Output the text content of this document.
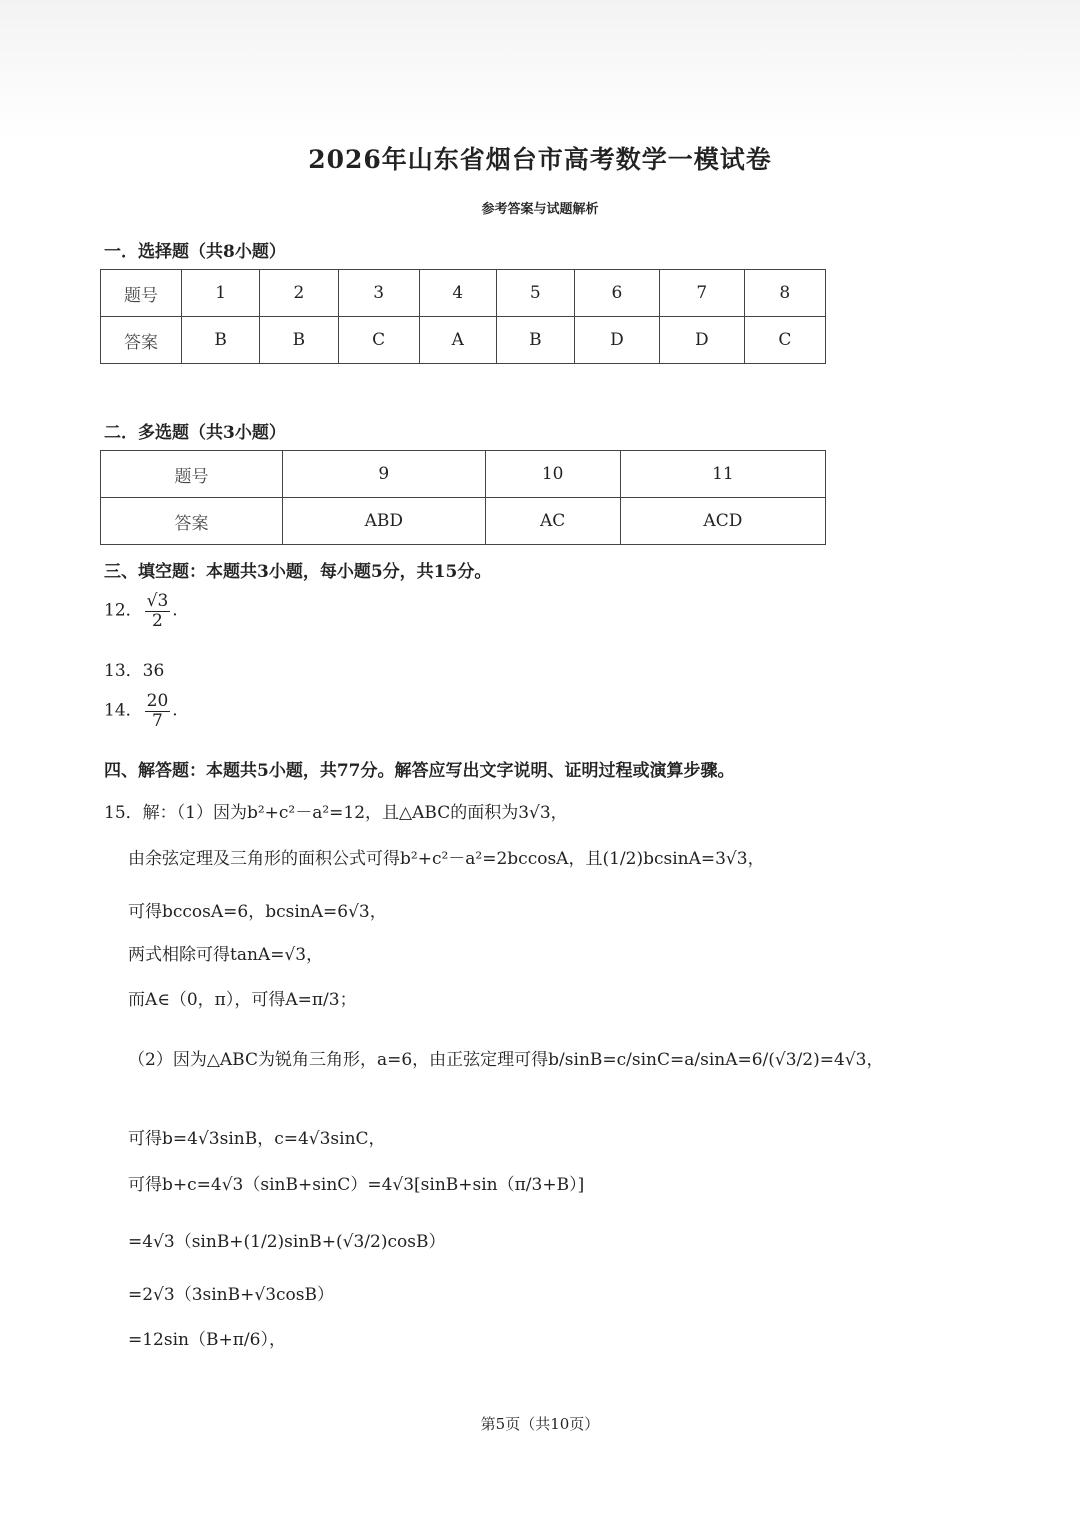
2026年山东省烟台市高考数学一模试卷
参考答案与试题解析
一．选择题（共8小题）
题号	1	2	3	4	5	6	7	8
答案	B	B	C	A	B	D	D	C
二．多选题（共3小题）
题号	9	10	11
答案	ABD	AC	ACD
三、填空题：本题共3小题，每小题5分，共15分。
12． $\frac{√3}{2}$ .
13．36
14． $\frac{20}{7}$ .
四、解答题：本题共5小题，共77分。解答应写出文字说明、证明过程或演算步骤。
15．解：（1）因为b²+c²－a²=12，且△ABC的面积为3√3，
由余弦定理及三角形的面积公式可得b²+c²－a²=2bccosA，且(1/2)bcsinA=3√3，
可得bccosA=6，bcsinA=6√3，
两式相除可得tanA=√3，
而A∈（0，π），可得A=π/3；
（2）因为△ABC为锐角三角形，a=6，由正弦定理可得b/sinB=c/sinC=a/sinA=6/(√3/2)=4√3，
可得b=4√3sinB，c=4√3sinC，
可得b+c=4√3（sinB+sinC）=4√3[sinB+sin（π/3+B）]
=4√3（sinB+(1/2)sinB+(√3/2)cosB）
=2√3（3sinB+√3cosB）
=12sin（B+π/6），
第5页（共10页）
